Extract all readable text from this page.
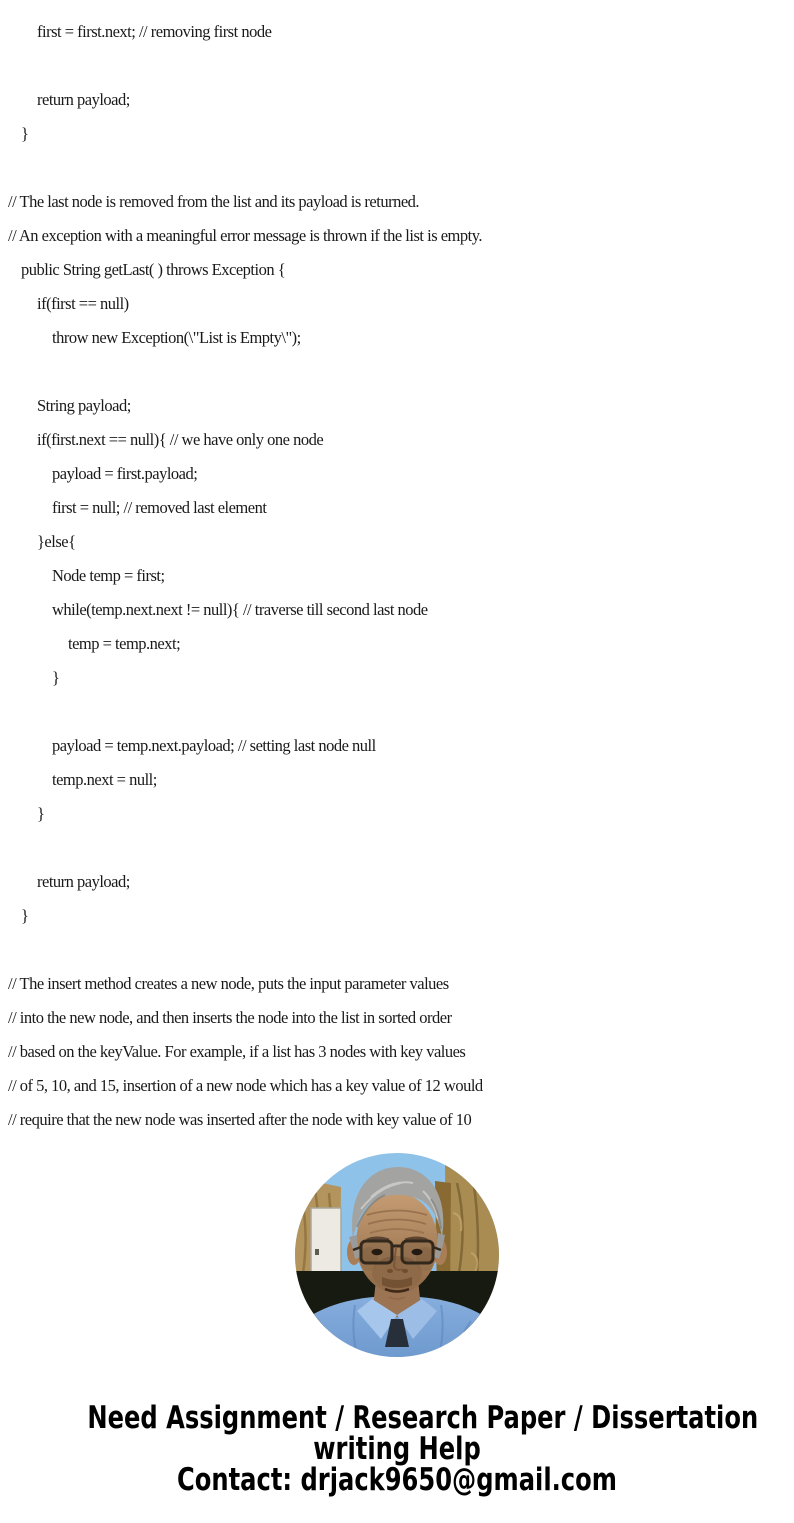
first = first.next; // removing first node

return payload;
}

// The last node is removed from the list and its payload is returned.
// An exception with a meaningful error message is thrown if the list is empty.
public String getLast( ) throws Exception {
if(first == null)
throw new Exception(\"List is Empty\");

String payload;
if(first.next == null){ // we have only one node
payload = first.payload;
first = null; // removed last element
}else{
Node temp = first;
while(temp.next.next != null){ // traverse till second last node
temp = temp.next;
}

payload = temp.next.payload; // setting last node null
temp.next = null;
}

return payload;
}

// The insert method creates a new node, puts the input parameter values
// into the new node, and then inserts the node into the list in sorted order
// based on the keyValue. For example, if a list has 3 nodes with key values
// of 5, 10, and 15, insertion of a new node which has a key value of 12 would
// require that the new node was inserted after the node with key value of 10
Need Assignment / Research Paper / Dissertation
writing Help
Contact: drjack9650@gmail.com
